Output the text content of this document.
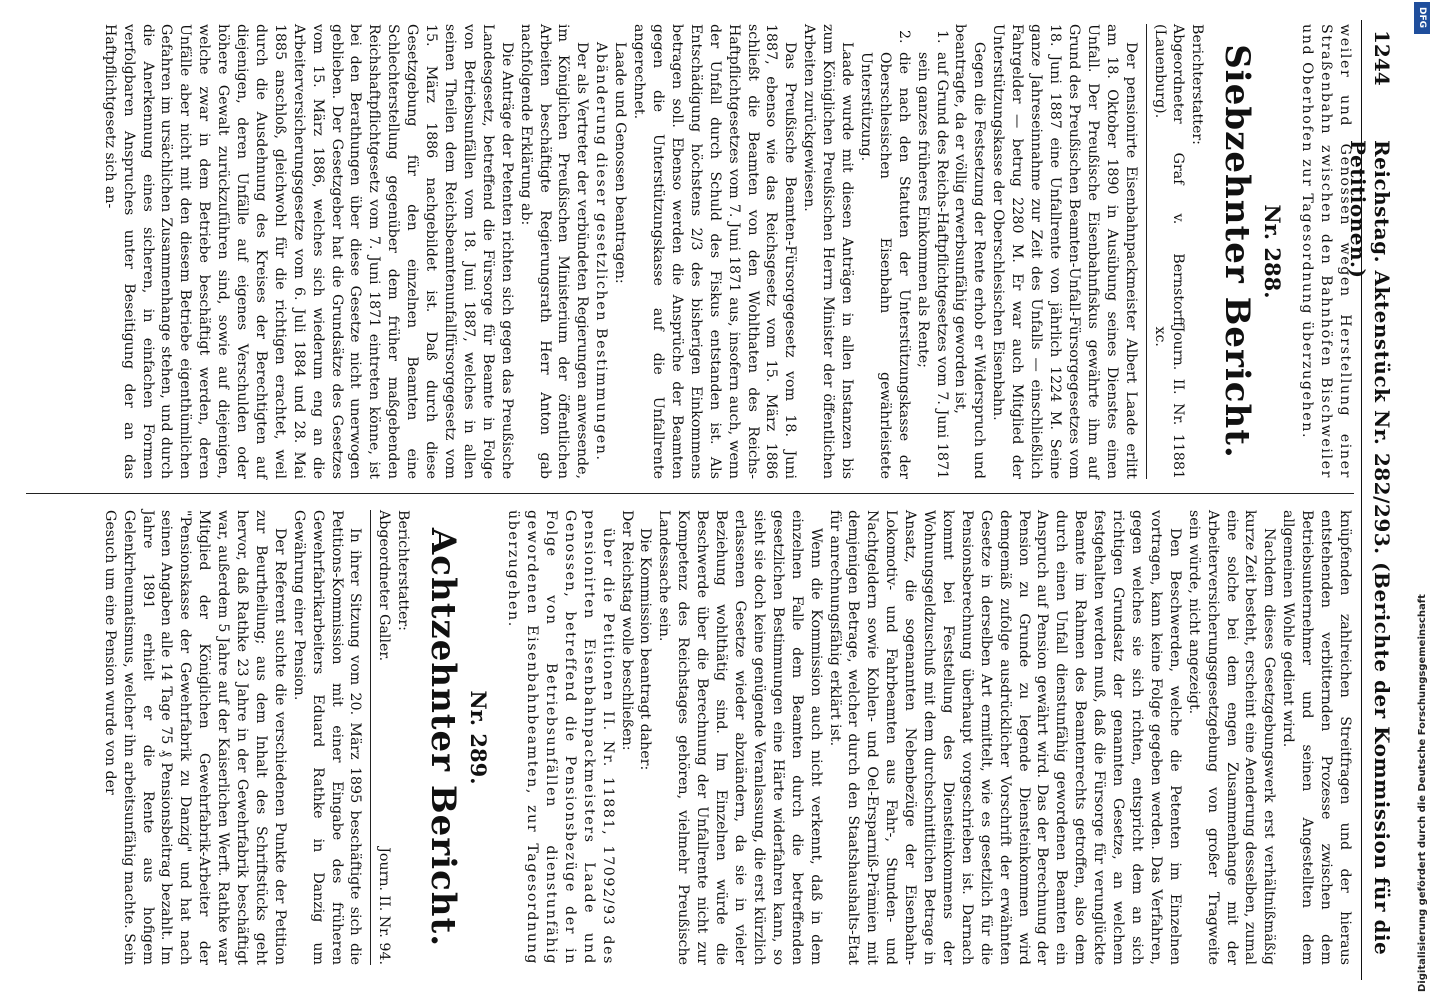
1244
Reichstag. Aktenstück Nr. 282/293. (Berichte der Kommission für die Petitionen.)

weiler und Genossen wegen Herstellung einer Straßenbahn zwischen den Bahnhöfen Bischweiler und Oberhofen zur Tagesordnung überzugehen.

Nr. 288.

Siebzehnter Bericht.

Berichterstatter:

Abgeordneter Graf v. Bernstorff (Lauenburg).
Journ. II. Nr. 11881 xc.

Der pensionirte Eisenbahnpackmeister Albert Laade erlitt am 18. Oktober 1890 in Ausübung seines Dienstes einen Unfall. Der Preußische Eisenbahnfiskus gewährte ihm auf Grund des Preußischen Beamten-Unfall-Fürsorgegesetzes vom 18. Juni 1887 eine Unfallrente von jährlich 1224 M. Seine ganze Jahreseinnahme zur Zeit des Unfalls — einschließlich Fahrgelder — betrug 2280 M. Er war auch Mitglied der Unterstützungskasse der Oberschlesischen Eisenbahn.

Gegen die Festsetzung der Rente erhob er Widerspruch und beantragte, da er völlig erwerbsunfähig geworden ist,

1.
auf Grund des Reichs-Haftpflichtgesetzes vom 7. Juni 1871 sein ganzes früheres Einkommen als Rente;

2.
die nach den Statuten der Unterstützungskasse der Oberschlesischen Eisenbahn gewährleistete Unterstützung.

Laade wurde mit diesen Anträgen in allen Instanzen bis zum Königlichen Preußischen Herrn Minister der öffentlichen Arbeiten zurückgewiesen.

Das Preußische Beamten-Fürsorgegesetz vom 18. Juni 1887, ebenso wie das Reichsgesetz vom 15. März 1886 schließt die Beamten von den Wohlthaten des Reichs-Haftpflichtgesetzes vom 7. Juni 1871 aus, insofern auch, wenn der Unfall durch Schuld des Fiskus entstanden ist. Als Entschädigung höchstens 2/3 des bisherigen Einkommens betragen soll. Ebenso werden die Ansprüche der Beamten gegen die Unterstützungskasse auf die Unfallrente angerechnet.

Laade und Genossen beantragen:

Abänderung dieser gesetzlichen Bestimmungen.

Der als Vertreter der verbündeten Regierungen anwesende, im Königlichen Preußischen Ministerium der öffentlichen Arbeiten beschäftigte Regierungsrath Herr Anton gab nachfolgende Erklärung ab:

Die Anträge der Petenten richten sich gegen das Preußische Landesgesetz, betreffend die Fürsorge für Beamte in Folge von Betriebsunfällen vom 18. Juni 1887, welches in allen seinen Theilen dem Reichsbeamtenunfallfürsorgegesetz vom 15. März 1886 nachgebildet ist. Daß durch diese Gesetzgebung für den einzelnen Beamten eine Schlechterstellung gegenüber dem früher maßgebenden Reichshaftpflichtgesetz vom 7. Juni 1871 eintreten könne, ist bei den Berathungen über diese Gesetze nicht unerwogen geblieben. Der Gesetzgeber hat die Grundsätze des Gesetzes vom 15. März 1886, welches sich wiederum eng an die Arbeiterversicherungsgesetze vom 6. Juli 1884 und 28. Mai 1885 anschloß, gleichwohl für die richtigen erachtet, weil durch die Ausdehnung des Kreises der Berechtigten auf diejenigen, deren Unfälle auf eigenes Verschulden oder höhere Gewalt zurückzuführen sind, sowie auf diejenigen, welche zwar in dem Betriebe beschäftigt werden, deren Unfälle aber nicht mit den diesem Betriebe eigenthümlichen Gefahren im ursächlichen Zusammenhange stehen, und durch die Anerkennung eines sicheren, in einfachen Formen verfolgbaren Anspruches unter Beseitigung der an das Haftpflichtgesetz sich an-

knüpfenden zahlreichen Streitfragen und der hieraus entstehenden verbitternden Prozesse zwischen dem Betriebsunternehmer und seinen Angestellten dem allgemeinen Wohle gedient wird.

Nachdem dieses Gesetzgebungswerk erst verhältnißmäßig kurze Zeit besteht, erscheint eine Aenderung desselben, zumal eine solche bei dem engen Zusammenhange mit der Arbeiterversicherungsgesetzgebung von großer Tragweite sein würde, nicht angezeigt.

Den Beschwerden, welche die Petenten im Einzelnen vortragen, kann keine Folge gegeben werden. Das Verfahren, gegen welches sie sich richten, entspricht dem an sich richtigen Grundsatz der genannten Gesetze, an welchem festgehalten werden muß, daß die Fürsorge für verunglückte Beamte im Rahmen des Beamtenrechts getroffen, also dem durch einen Unfall dienstunfähig gewordenen Beamten ein Anspruch auf Pension gewährt wird. Das der Berechnung der Pension zu Grunde zu legende Diensteinkommen wird demgemäß zufolge ausdrücklicher Vorschrift der erwähnten Gesetze in derselben Art ermittelt, wie es gesetzlich für die Pensionsberechnung überhaupt vorgeschrieben ist. Darnach kommt bei Feststellung des Diensteinkommens der Wohnungsgeldzuschuß mit dem durchschnittlichen Betrage in Ansatz, die sogenannten Nebenbezüge der Eisenbahn-Lokomotiv- und Fahrbeamten aus Fahr-, Stunden- und Nachtgeldern sowie Kohlen- und Oel-Ersparniß-Prämien mit demjenigen Betrage, welcher durch den Staatshaushalts-Etat für anrechnungsfähig erklärt ist.

Wenn die Kommission auch nicht verkennt, daß in dem einzelnen Falle dem Beamten durch die betreffenden gesetzlichen Bestimmungen eine Härte widerfahren kann, so sieht sie doch keine genügende Veranlassung, die erst kürzlich erlassenen Gesetze wieder abzuändern, da sie in vieler Beziehung wohlthätig sind. Im Einzelnen würde die Beschwerde über die Berechnung der Unfallrente nicht zur Kompetenz des Reichstages gehören, vielmehr Preußische Landessache sein.

Die Kommission beantragt daher:

Der Reichstag wolle beschließen:

über die Petitionen II. Nr. 11881, 17092/93 des pensionirten Eisenbahnpackmeisters Laade und Genossen, betreffend die Pensionsbezüge der in Folge von Betriebsunfällen dienstunfähig gewordenen Eisenbahnbeamten, zur Tagesordnung überzugehen.

Nr. 289.

Achtzehnter Bericht.

Berichterstatter:

Abgeordneter Galler.
Journ. II. Nr. 94.

In ihrer Sitzung vom 20. März 1895 beschäftigte sich die Petitions-Kommission mit einer Eingabe des früheren Gewehrfabrikarbeiters Eduard Rathke in Danzig um Gewährung einer Pension.

Der Referent suchte die verschiedenen Punkte der Petition zur Beurtheilung; aus dem Inhalt des Schriftstücks geht hervor, daß Rathke 23 Jahre in der Gewehrfabrik beschäftigt war, außerdem 5 Jahre auf der Kaiserlichen Werft. Rathke war Mitglied der Königlichen Gewehrfabrik-Arbeiter der "Pensionskasse der Gewehrfabrik zu Danzig" und hat nach seinen Angaben alle 14 Tage 75 ₰ Pensionsbeitrag bezahlt. Im Jahre 1891 erhielt er die Rente aus hofigem Gelenkrheumatismus, welcher ihn arbeitsunfähig machte. Sein Gesuch um eine Pension wurde von der

DFG
Digitalisierung gefördert durch die Deutsche Forschungsgemeinschaft
